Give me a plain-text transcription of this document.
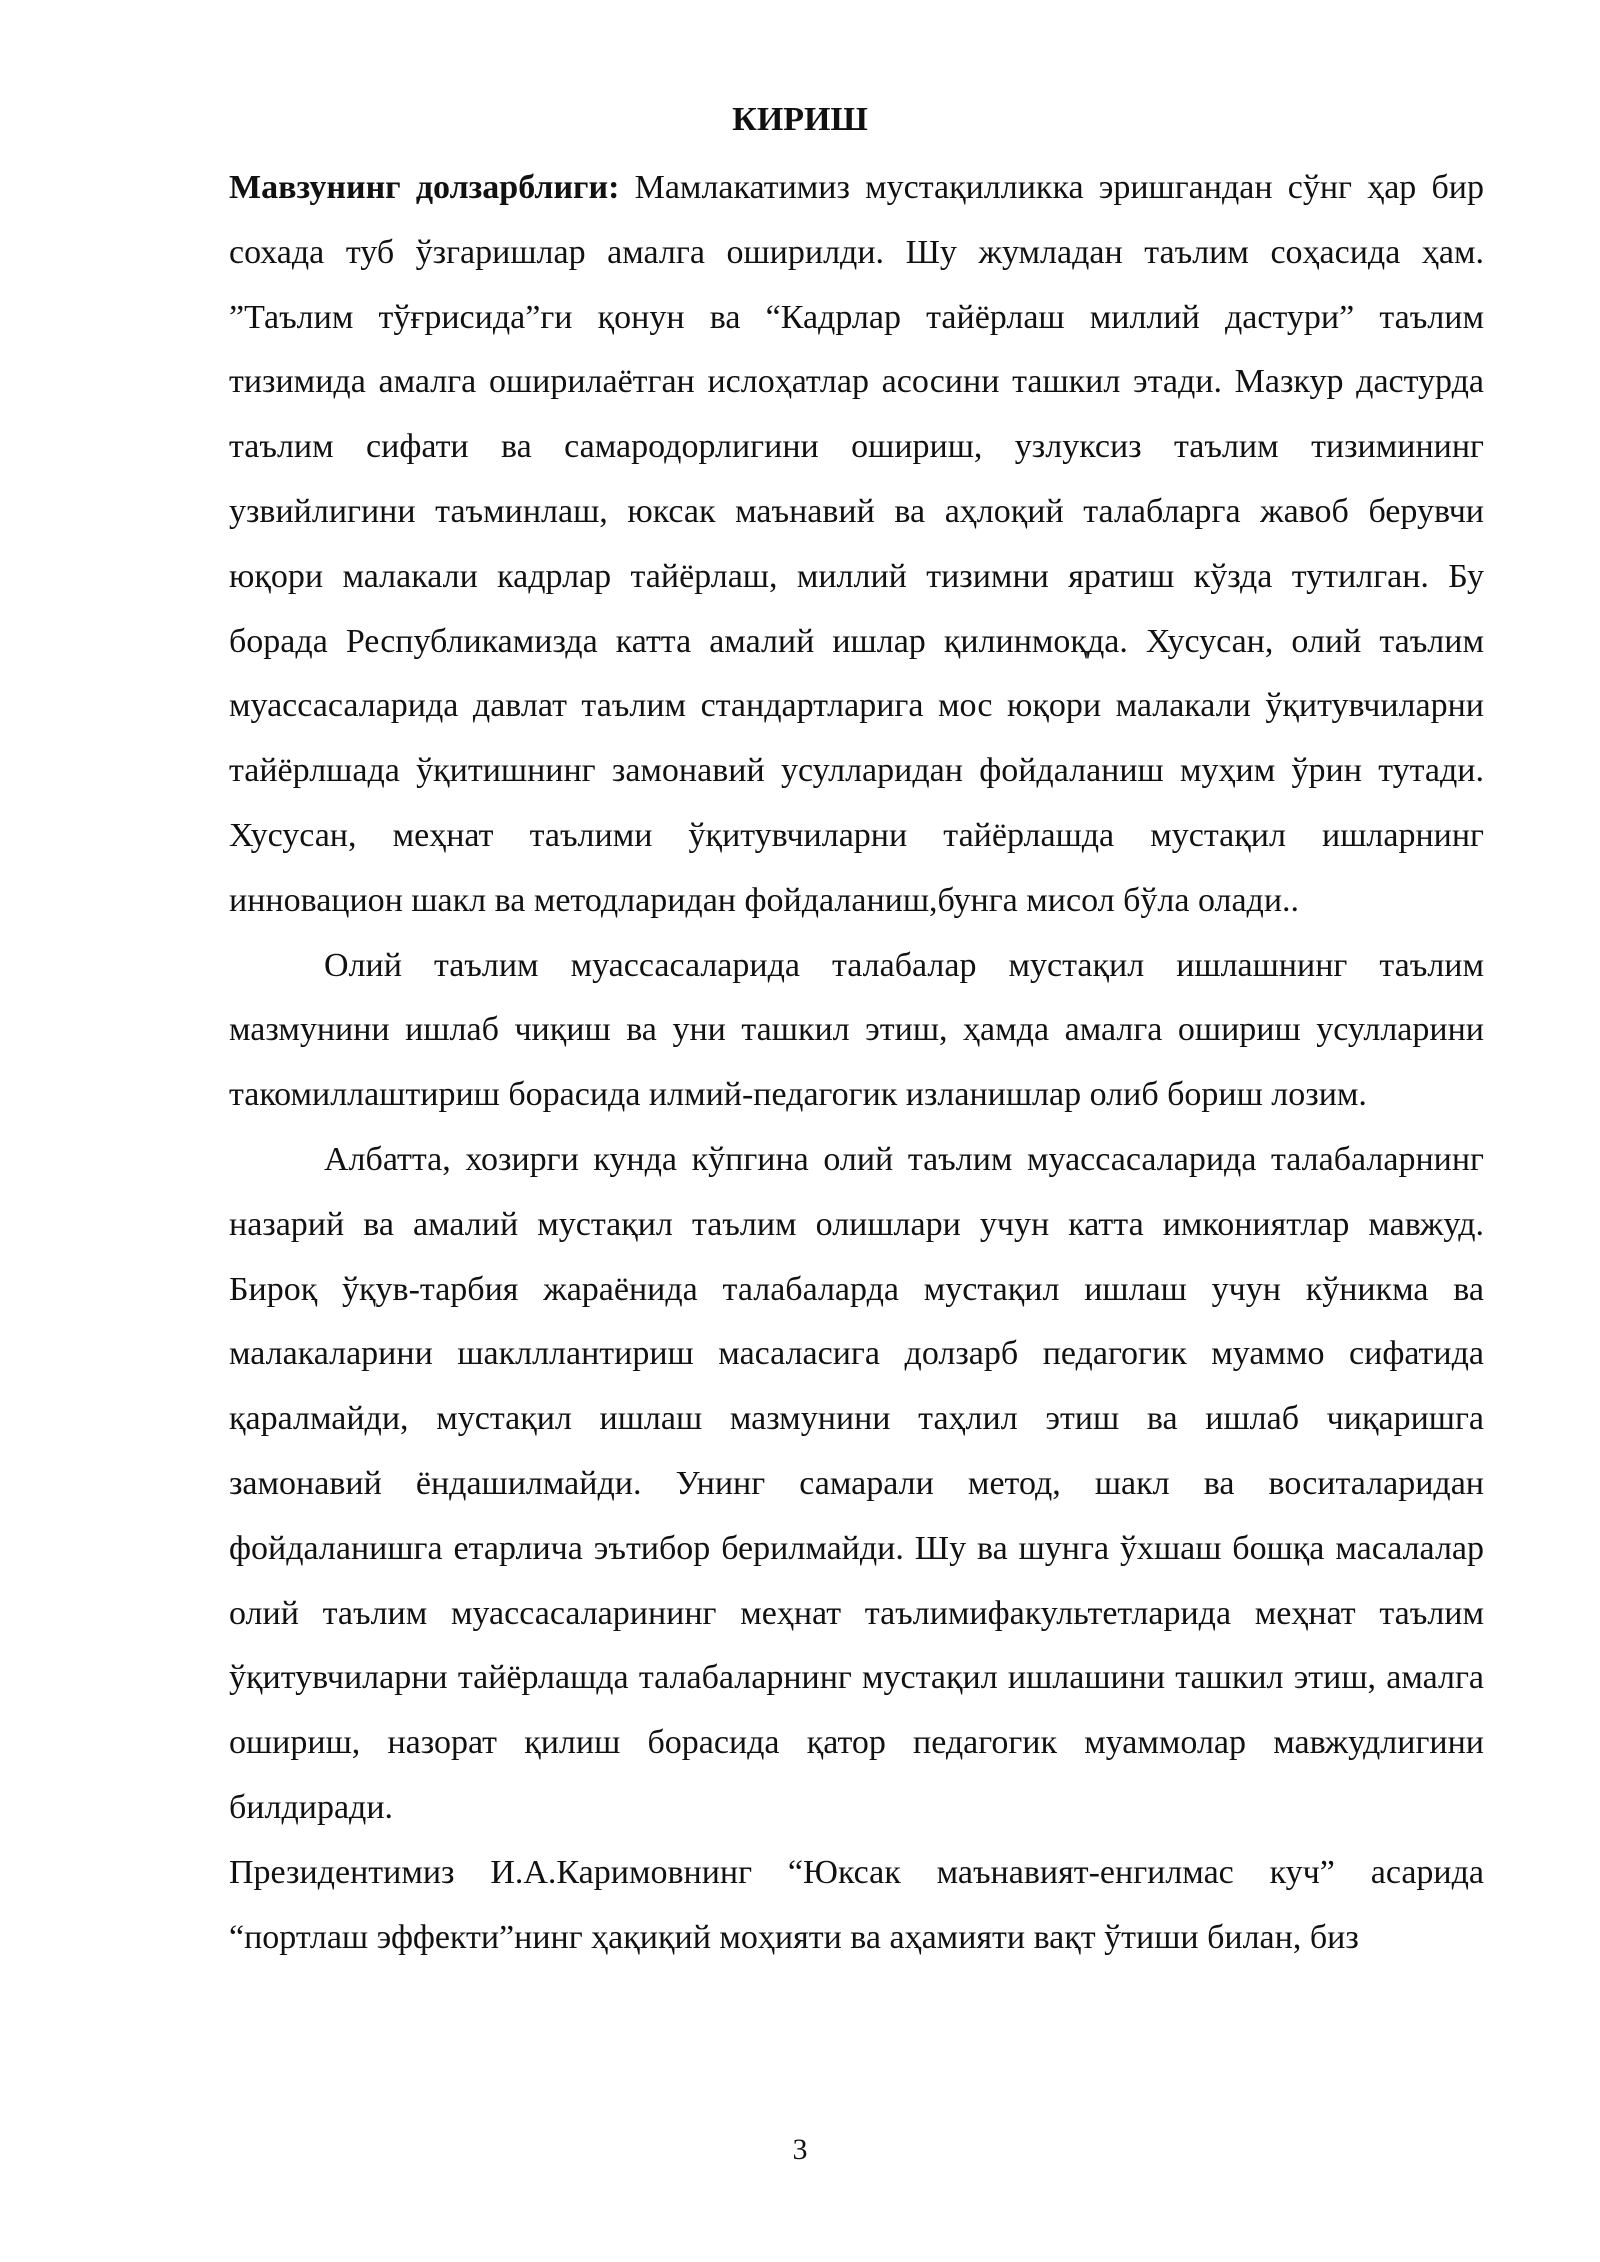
КИРИШ

Мавзунинг долзарблиги: Мамлакатимиз мустақилликка эришгандан сўнг ҳар бир сохада туб ўзгаришлар амалга оширилди. Шу жумладан таълим соҳасида ҳам. ”Таълим тўғрисида”ги қонун ва “Кадрлар тайёрлаш миллий дастури” таълим тизимида амалга оширилаётган ислоҳатлар асосини ташкил этади. Мазкур дастурда таълим сифати ва самародорлигини ошириш, узлуксиз таълим тизимининг узвийлигини таъминлаш, юксак маънавий ва аҳлоқий талабларга жавоб берувчи юқори малакали кадрлар тайёрлаш, миллий тизимни яратиш кўзда тутилган. Бу борада Республикамизда катта амалий ишлар қилинмоқда. Хусусан, олий таълим муассасаларида давлат таълим стандартларига мос юқори малакали ўқитувчиларни тайёрлшада ўқитишнинг замонавий усулларидан фойдаланиш муҳим ўрин тутади. Хусусан, меҳнат таълими ўқитувчиларни тайёрлашда мустақил ишларнинг инновацион шакл ва методларидан фойдаланиш,бунга мисол бўла олади..

Олий таълим муассасаларида талабалар мустақил ишлашнинг таълим мазмунини ишлаб чиқиш ва уни ташкил этиш, ҳамда амалга ошириш усулларини такомиллаштириш борасида илмий-педагогик изланишлар олиб бориш лозим.

Албатта, хозирги кунда кўпгина олий таълим муассасаларида талабаларнинг назарий ва амалий мустақил таълим олишлари учун катта имкониятлар мавжуд. Бироқ ўқув-тарбия жараёнида талабаларда мустақил ишлаш учун кўникма ва малакаларини шаклллантириш масаласига долзарб педагогик муаммо сифатида қаралмайди, мустақил ишлаш мазмунини таҳлил этиш ва ишлаб чиқаришга замонавий ёндашилмайди. Унинг самарали метод, шакл ва воситаларидан фойдаланишга етарлича эътибор берилмайди. Шу ва шунга ўхшаш бошқа масалалар олий таълим муассасаларининг меҳнат таълимифакультетларида меҳнат таълим ўқитувчиларни тайёрлашда талабаларнинг мустақил ишлашини ташкил этиш, амалга ошириш, назорат қилиш борасида қатор педагогик муаммолар мавжудлигини билдиради.

Президентимиз И.А.Каримовнинг “Юксак маънавият-енгилмас куч” асарида “портлаш эффекти”нинг ҳақиқий моҳияти ва аҳамияти вақт ўтиши билан, биз

3
